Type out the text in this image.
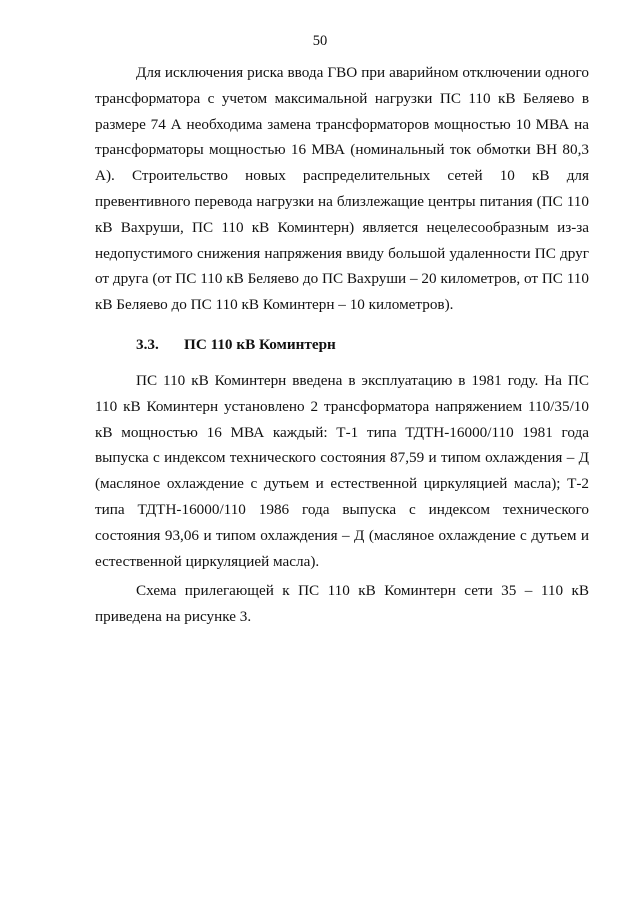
50

Для исключения риска ввода ГВО при аварийном отключении одного трансформатора с учетом максимальной нагрузки ПС 110 кВ Беляево в размере 74 А необходима замена трансформаторов мощностью 10 МВА на трансформаторы мощностью 16 МВА (номинальный ток обмотки ВН 80,3 А). Строительство новых распределительных сетей 10 кВ для превентивного перевода нагрузки на близлежащие центры питания (ПС 110 кВ Вахруши, ПС 110 кВ Коминтерн) является нецелесообразным из-за недопустимого снижения напряжения ввиду большой удаленности ПС друг от друга (от ПС 110 кВ Беляево до ПС Вахруши – 20 километров, от ПС 110 кВ Беляево до ПС 110 кВ Коминтерн – 10 километров).

3.3. ПС 110 кВ Коминтерн

ПС 110 кВ Коминтерн введена в эксплуатацию в 1981 году. На ПС 110 кВ Коминтерн установлено 2 трансформатора напряжением 110/35/10 кВ мощностью 16 МВА каждый: Т-1 типа ТДТН-16000/110 1981 года выпуска с индексом технического состояния 87,59 и типом охлаждения – Д (масляное охлаждение с дутьем и естественной циркуляцией масла); Т-2 типа ТДТН-16000/110 1986 года выпуска с индексом технического состояния 93,06 и типом охлаждения – Д (масляное охлаждение с дутьем и естественной циркуляцией масла).

Схема прилегающей к ПС 110 кВ Коминтерн сети 35 – 110 кВ приведена на рисунке 3.
